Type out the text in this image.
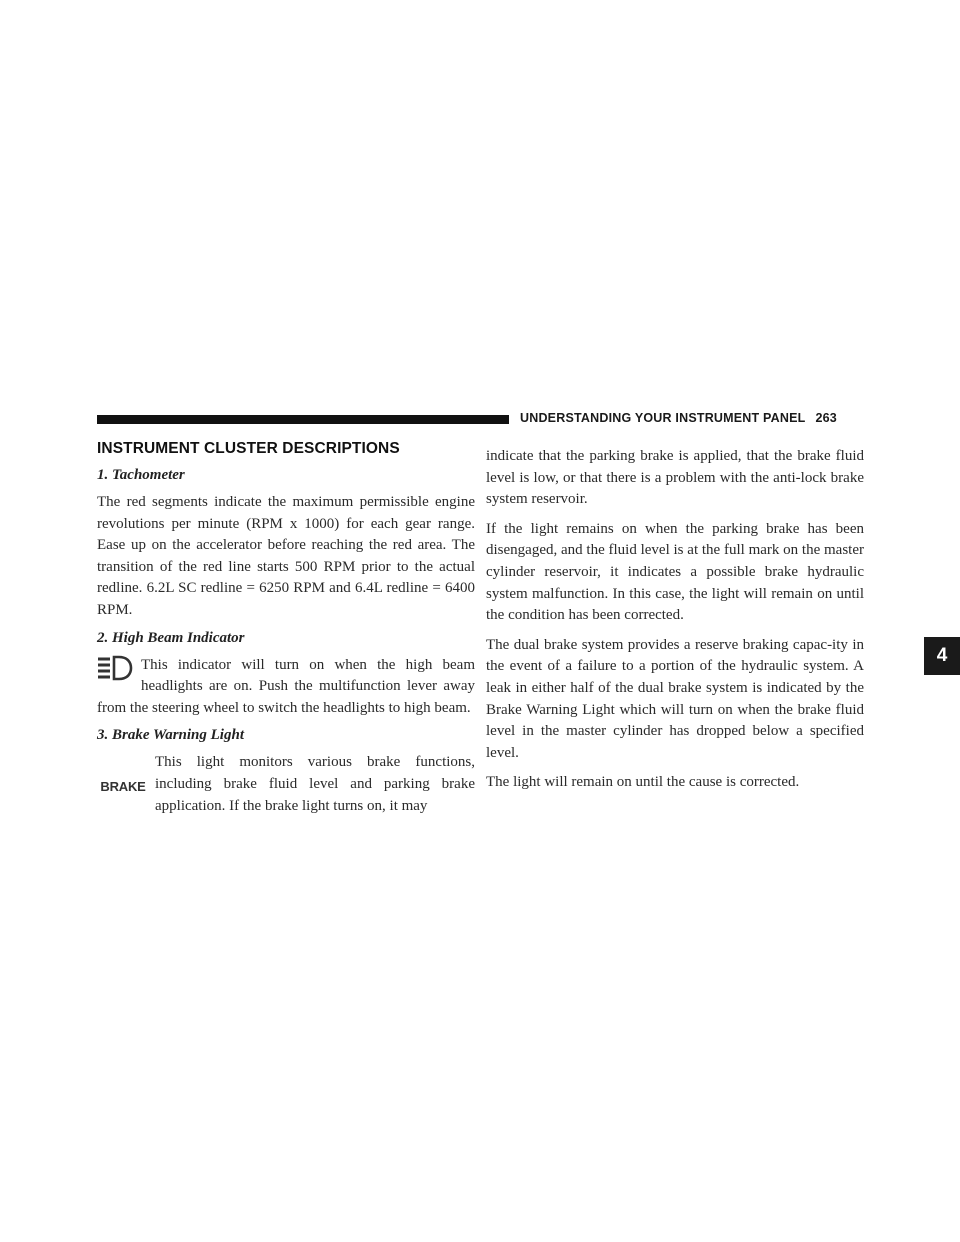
UNDERSTANDING YOUR INSTRUMENT PANEL 263
4
INSTRUMENT CLUSTER DESCRIPTIONS
1. Tachometer

The red segments indicate the maximum permissible engine revolutions per minute (RPM x 1000) for each gear range. Ease up on the accelerator before reaching the red area. The transition of the red line starts 500 RPM prior to the actual redline. 6.2L SC redline = 6250 RPM and 6.4L redline = 6400 RPM.

2. High Beam Indicator

This indicator will turn on when the high beam headlights are on. Push the multifunction lever away from the steering wheel to switch the headlights to high beam.

3. Brake Warning Light
BRAKE

This light monitors various brake functions, including brake fluid level and parking brake application. If the brake light turns on, it may

indicate that the parking brake is applied, that the brake fluid level is low, or that there is a problem with the anti-lock brake system reservoir.

If the light remains on when the parking brake has been disengaged, and the fluid level is at the full mark on the master cylinder reservoir, it indicates a possible brake hydraulic system malfunction. In this case, the light will remain on until the condition has been corrected.

The dual brake system provides a reserve braking capac-ity in the event of a failure to a portion of the hydraulic system. A leak in either half of the dual brake system is indicated by the Brake Warning Light which will turn on when the brake fluid level in the master cylinder has dropped below a specified level.

The light will remain on until the cause is corrected.
